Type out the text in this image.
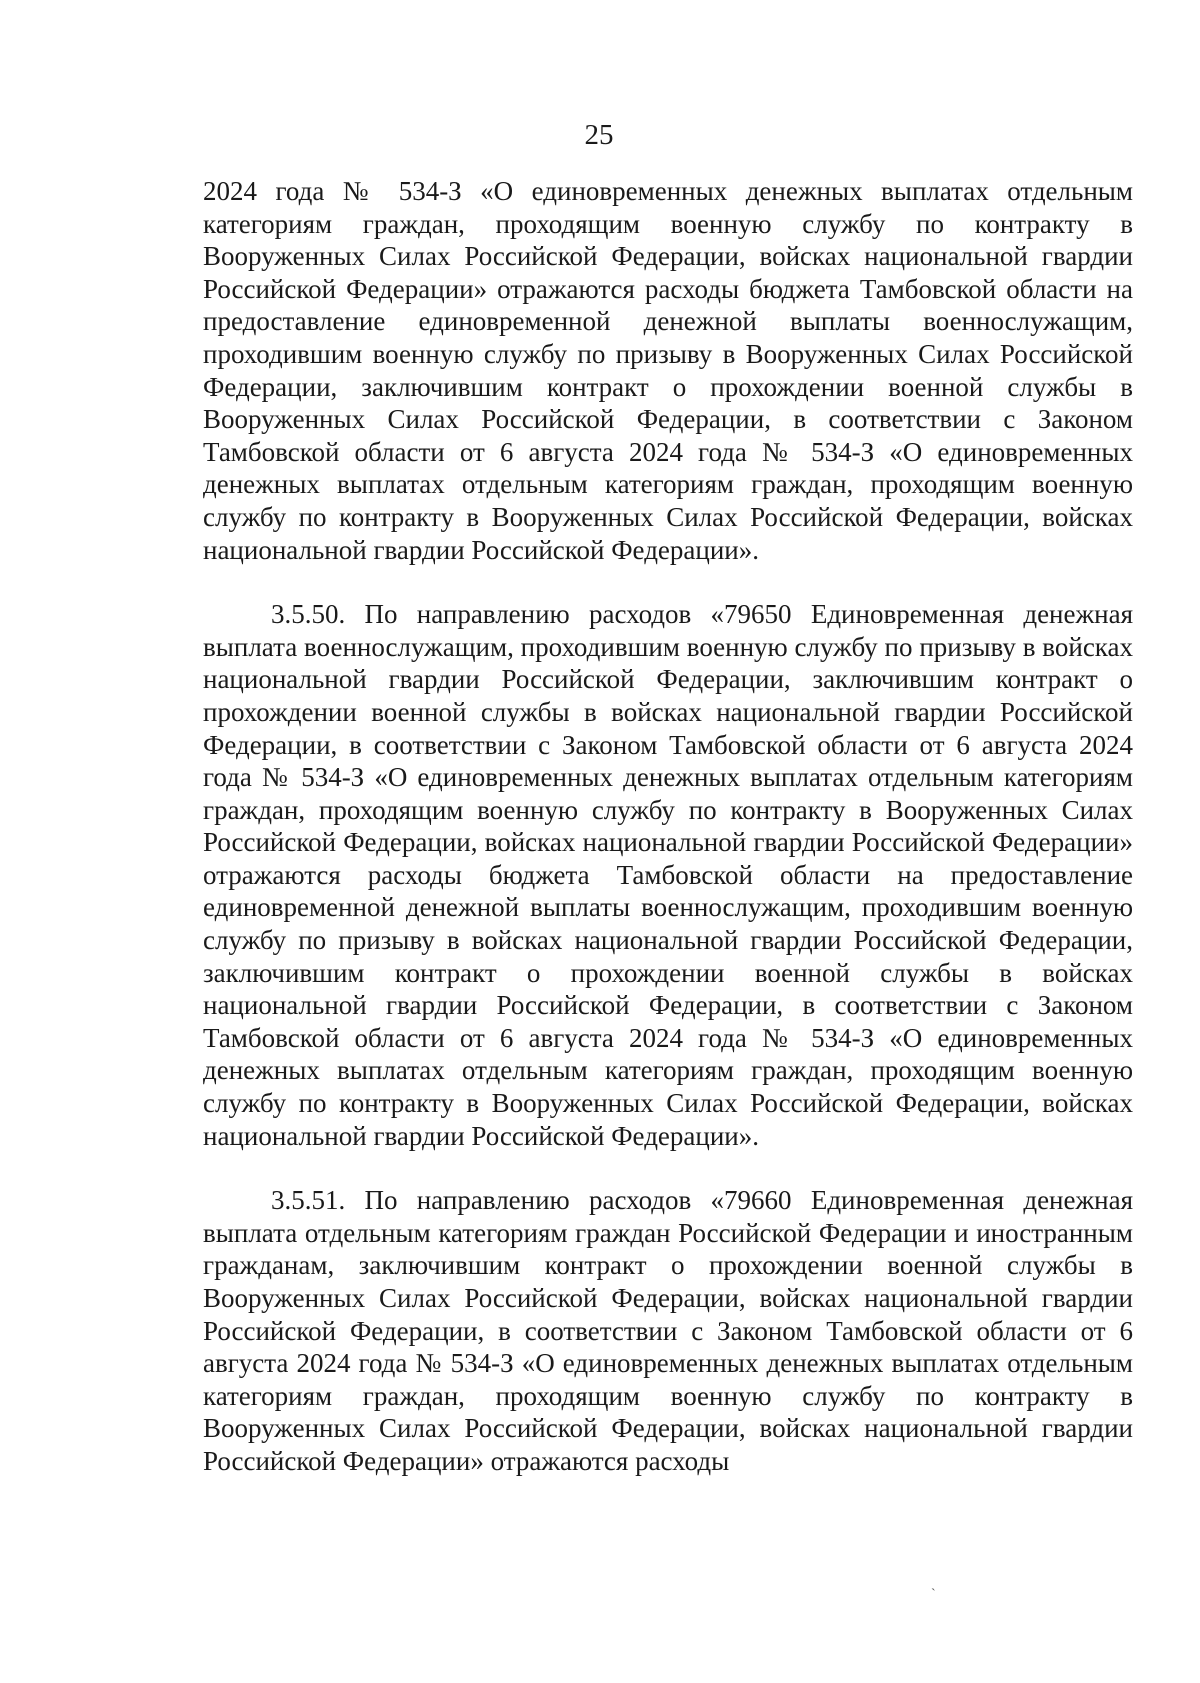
25

2024 года № 534-З «О единовременных денежных выплатах отдельным категориям граждан, проходящим военную службу по контракту в Вооруженных Силах Российской Федерации, войсках национальной гвардии Российской Федерации» отражаются расходы бюджета Тамбовской области на предоставление единовременной денежной выплаты военнослужащим, проходившим военную службу по призыву в Вооруженных Силах Российской Федерации, заключившим контракт о прохождении военной службы в Вооруженных Силах Российской Федерации, в соответствии с Законом Тамбовской области от 6 августа 2024 года № 534-З «О единовременных денежных выплатах отдельным категориям граждан, проходящим военную службу по контракту в Вооруженных Силах Российской Федерации, войсках национальной гвардии Российской Федерации».

3.5.50. По направлению расходов «79650 Единовременная денежная выплата военнослужащим, проходившим военную службу по призыву в войсках национальной гвардии Российской Федерации, заключившим контракт о прохождении военной службы в войсках национальной гвардии Российской Федерации, в соответствии с Законом Тамбовской области от 6 августа 2024 года № 534-З «О единовременных денежных выплатах отдельным категориям граждан, проходящим военную службу по контракту в Вооруженных Силах Российской Федерации, войсках национальной гвардии Российской Федерации» отражаются расходы бюджета Тамбовской области на предоставление единовременной денежной выплаты военнослужащим, проходившим военную службу по призыву в войсках национальной гвардии Российской Федерации, заключившим контракт о прохождении военной службы в войсках национальной гвардии Российской Федерации, в соответствии с Законом Тамбовской области от 6 августа 2024 года № 534-З «О единовременных денежных выплатах отдельным категориям граждан, проходящим военную службу по контракту в Вооруженных Силах Российской Федерации, войсках национальной гвардии Российской Федерации».

3.5.51. По направлению расходов «79660 Единовременная денежная выплата отдельным категориям граждан Российской Федерации и иностранным гражданам, заключившим контракт о прохождении военной службы в Вооруженных Силах Российской Федерации, войсках национальной гвардии Российской Федерации, в соответствии с Законом Тамбовской области от 6 августа 2024 года № 534-З «О единовременных денежных выплатах отдельным категориям граждан, проходящим военную службу по контракту в Вооруженных Силах Российской Федерации, войсках национальной гвардии Российской Федерации» отражаются расходы

`
